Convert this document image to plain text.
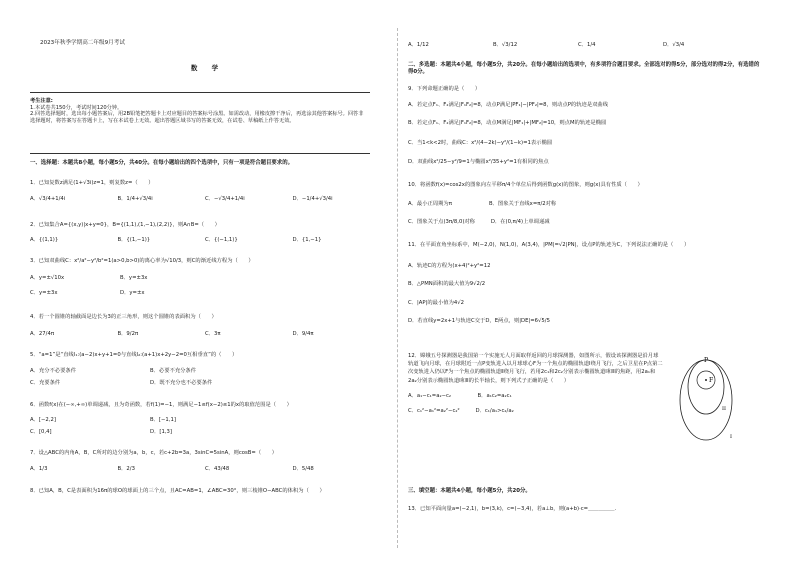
2023年秋季学期高二年级9月考试
数 学
考生注意:
1.本试卷共150分，考试时间120分钟。
2.回答选择题时，选出每小题答案后，用2B铅笔把答题卡上对应题目的答案标号涂黑。如需改动，用橡皮擦干净后，再选涂其他答案标号。回答非选择题时，将答案写在答题卡上，写在本试卷上无效。超出答题区域书写的答案无效，在试卷、草稿纸上作答无效。
一、选择题：本题共8小题，每小题5分，共40分。在每小题给出的四个选项中，只有一项是符合题目要求的。
1．已知复数z满足(1+√3i)z=1，则复数z=（　　）
A．√3/4+1/4i	B．1/4+√3/4i	C．−√3/4+1/4i	D．−1/4+√3/4i
2．已知集合A={(x,y)|x+y=0}，B={(1,1),(1,−1),(2,2)}，则A∩B=（　　）
A．{(1,1)}	B．{(1,−1)}	C．{(−1,1)}	D．{1,−1}
3．已知双曲线C：x²/a²−y²/b²=1(a>0,b>0)的离心率为√10/3，则C的渐近线方程为（　　）
A．y=±√10x	B．y=±3x
C．y=±3x	D．y=±x
4．若一个圆锥的轴截面是边长为3的正三角形，则这个圆锥的表面积为（　　）
A．27/4π	B．9/2π	C．3π	D．9/4π
5．“a=1”是“直线l₁:(a−2)x+y+1=0与直线l₂:(a+1)x+2y−2=0互相垂直”的（　　）
A．充分不必要条件	B．必要不充分条件
C．充要条件	D．既不充分也不必要条件
6．函数f(x)在(−∞,+∞)单调递减，且为奇函数，若f(1)=−1，则满足−1≤f(x−2)≤1的x的取值范围是（　　）
A．[−2,2]	B．[−1,1]
C．[0,4]	D．[1,3]
7．设△ABC的内角A，B，C所对的边分别为a，b，c，若c+2b=3a，3sinC=5sinA，则cosB=（　　）
A．1/3	B．2/3	C．43/48	D．5/48
8．已知A，B，C是表面积为16π的球O的球面上的三个点，且AC=AB=1，∠ABC=30°，则三棱锥O−ABC的体积为（　　）
A．1/12	B．√3/12	C．1/4	D．√3/4
二、多选题：本题共4小题，每小题5分，共20分。在每小题给出的选项中，有多项符合题目要求。全部选对的得5分，部分选对的得2分，有选错的得0分。
9．下列命题正确的是（　　）
A．若定点F₁、F₂满足|F₁F₂|=8，动点P满足|PF₁|−|PF₂|=8，则动点P的轨迹是双曲线
B．若定点F₁、F₂满足|F₁F₂|=8，动点M满足|MF₁|+|MF₂|=10，则点M的轨迹是椭圆
C．当1<k<2时，曲线C：x²/(4−2k)−y²/(1−k)=1表示椭圆
D．双曲线x²/25−y²/9=1与椭圆x²/35+y²=1有相同的焦点
10．将函数f(x)=cos2x的图象向左平移π/4个单位后得到函数g(x)的图象，则g(x)具有性质（　　）
A．最小正周期为π　　　　　　　B．图象关于直线x=π/2对称
C．图象关于点(3π/8,0)对称　　　D．在(0,π/4)上单调递减
11．在平面直角坐标系中，M(−2,0)，N(1,0)，A(3,4)，|PM|=√2|PN|，设点P的轨迹为C，下列说法正确的是（　　）
A．轨迹C的方程为(x+4)²+y²=12
B．△PMN面积的最大值为9√2/2
C．|AP|的最小值为4√2
D．若直线y=2x+1与轨迹C交于D，E两点，则|DE|=6√5/5
12．嫦娥五号探测器是我国第一个实施无人月面取样返回的月球探测器，如图所示，假设该探测器是沿月球轨道飞向月球，在月球附近一点P变轨进入以月球球心F为一个焦点的椭圆轨道Ⅰ绕月飞行，之后卫星在P点第二次变轨进入仍以F为一个焦点的椭圆轨道Ⅱ绕月飞行，若用2c₁和2c₂分别表示椭圆轨道Ⅰ和Ⅱ的焦距，用2a₁和2a₂分别表示椭圆轨道Ⅰ和Ⅱ的长半轴长，则下列式子正确的是（　　）
A．a₁−c₁=a₂−c₂　　　　　B．a₁c₂=a₂c₁
C．c₁²−a₁²=a₂²−c₂²　　　D．c₁/a₁>c₂/a₂
P
F
II
I
三、填空题：本题共4小题，每小题5分，共20分。
13．已知平面向量a=(−2,1)，b=(3,k)，c=(−3,4)，若a⊥b，则(a+b)·c=＿＿＿＿＿.
